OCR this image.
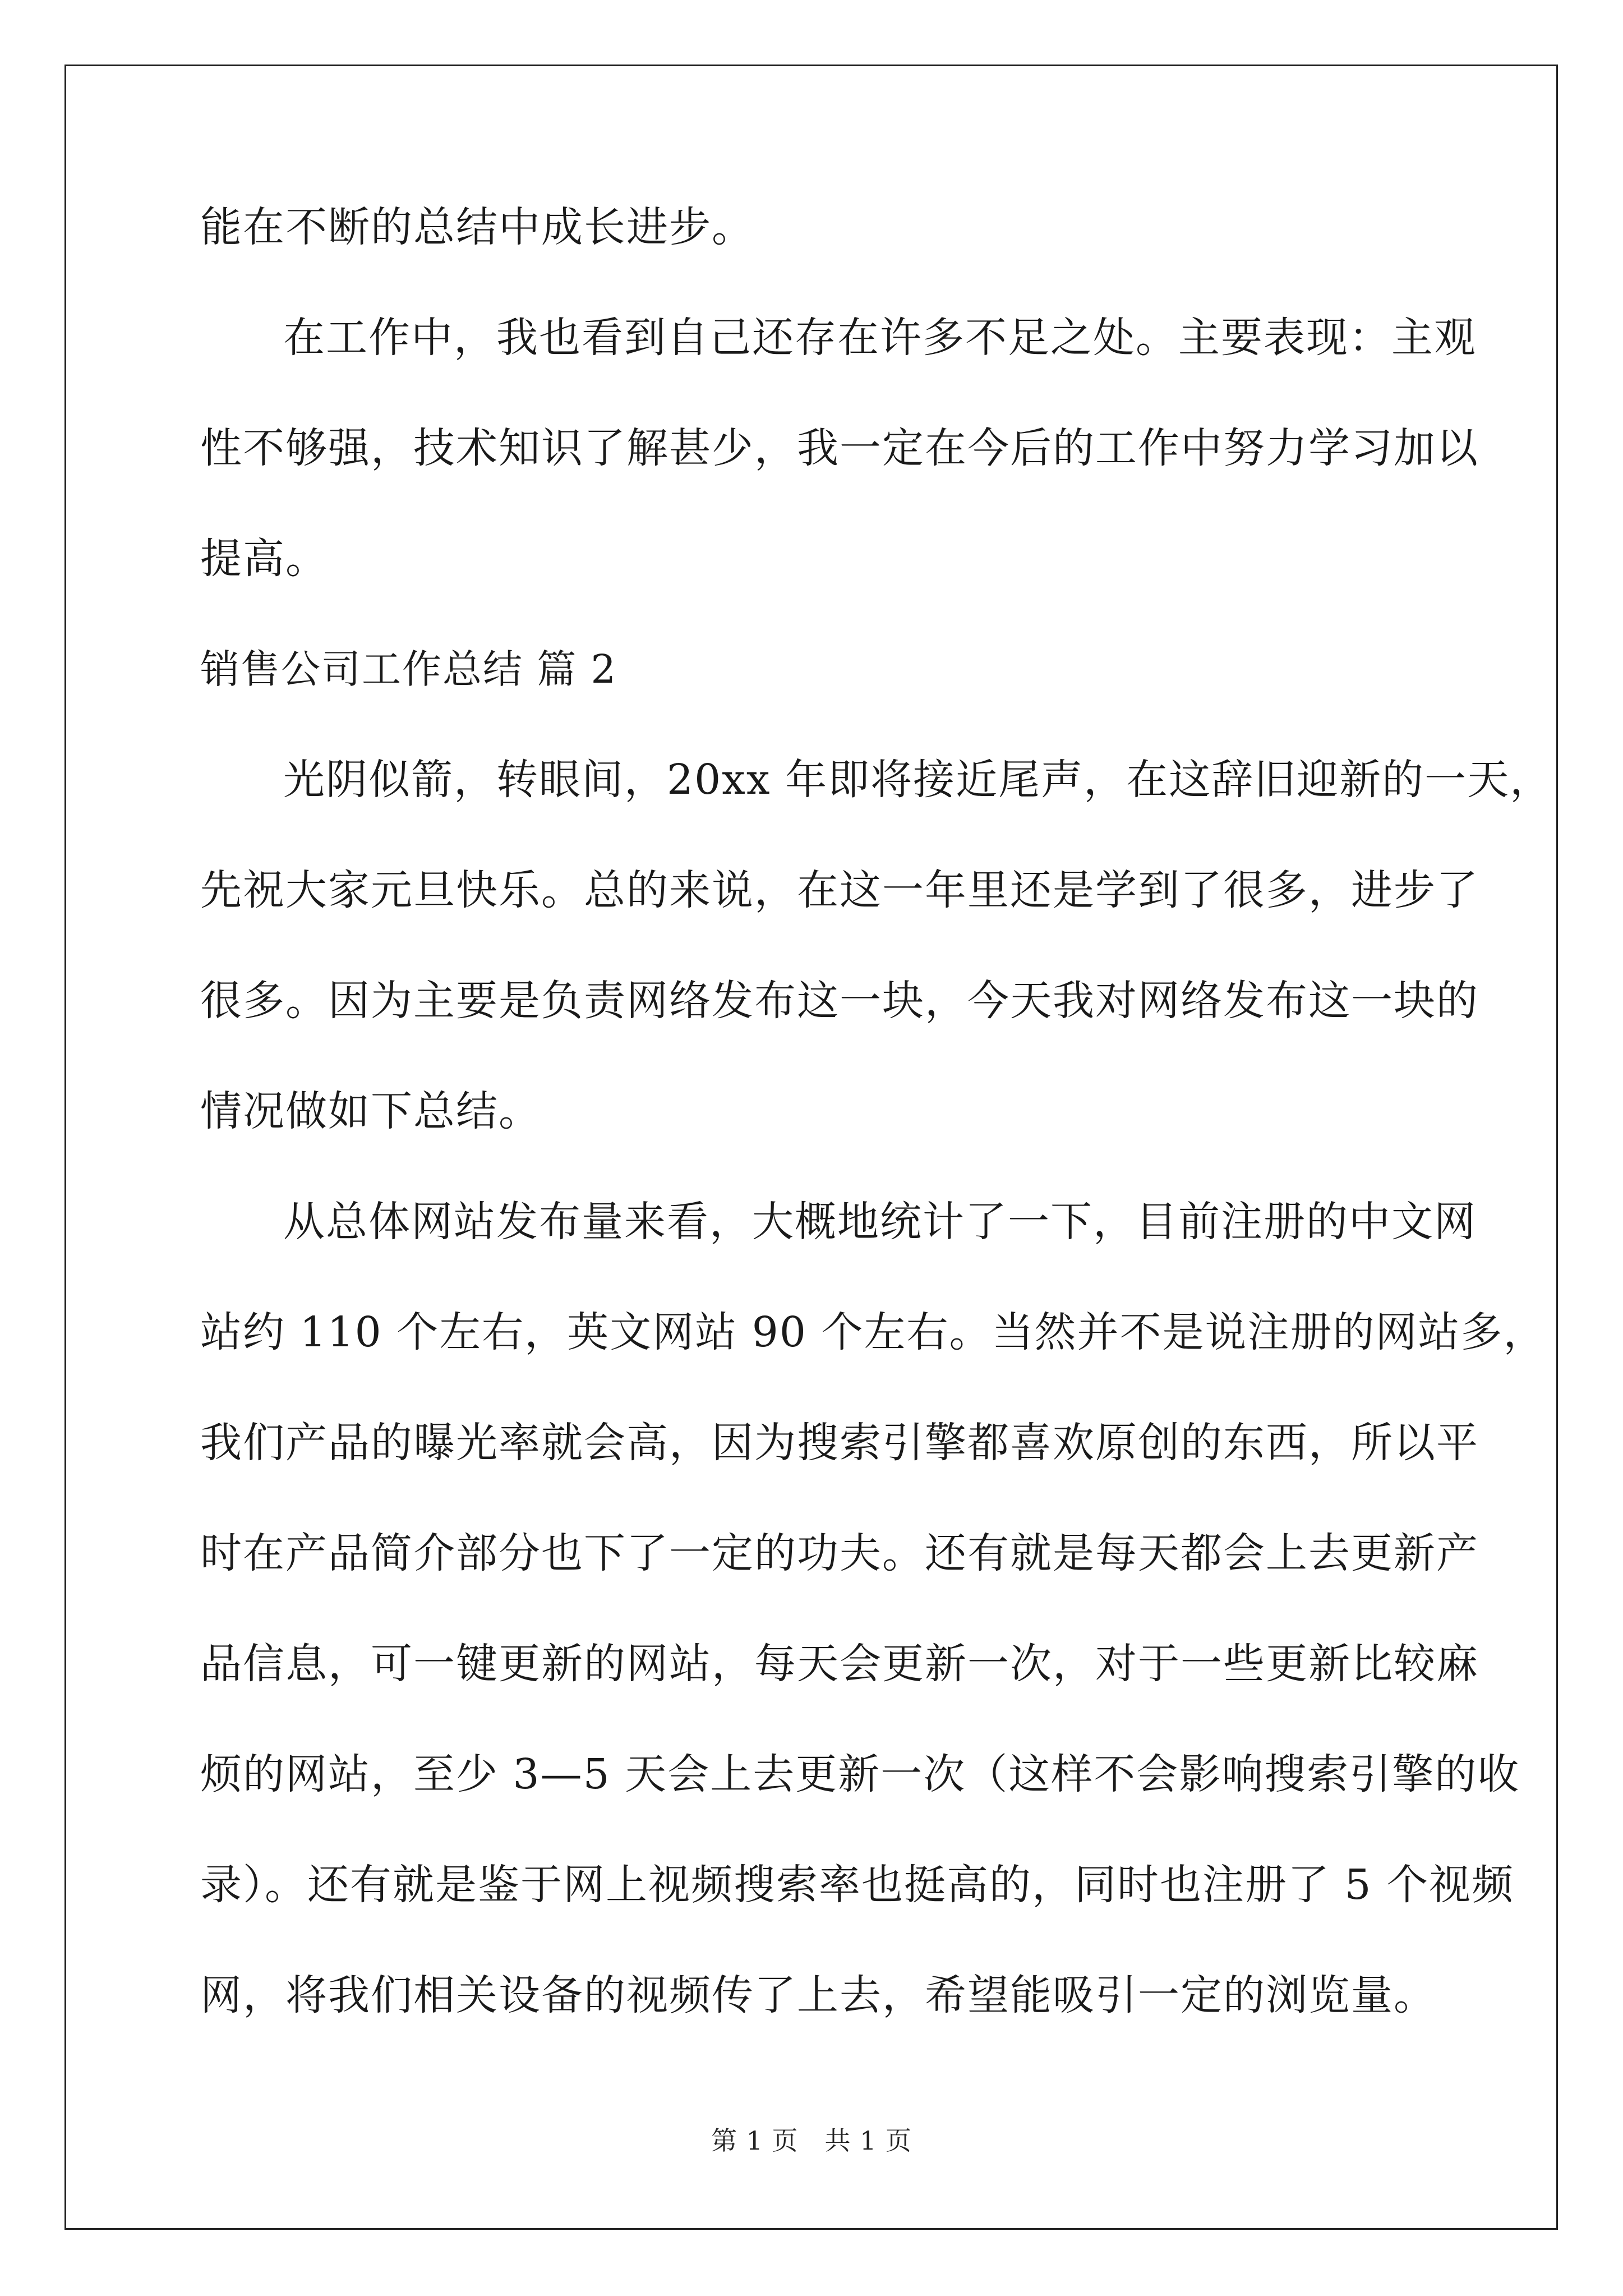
能在不断的总结中成长进步。
在工作中，我也看到自己还存在许多不足之处。主要表现：主观
性不够强，技术知识了解甚少，我一定在今后的工作中努力学习加以
提高。
销售公司工作总结 篇 2
光阴似箭，转眼间，20xx 年即将接近尾声，在这辞旧迎新的一天，
先祝大家元旦快乐。总的来说，在这一年里还是学到了很多，进步了
很多。因为主要是负责网络发布这一块，今天我对网络发布这一块的
情况做如下总结。
从总体网站发布量来看，大概地统计了一下，目前注册的中文网
站约 110 个左右，英文网站 90 个左右。当然并不是说注册的网站多，
我们产品的曝光率就会高，因为搜索引擎都喜欢原创的东西，所以平
时在产品简介部分也下了一定的功夫。还有就是每天都会上去更新产
品信息，可一键更新的网站，每天会更新一次，对于一些更新比较麻
烦的网站，至少 3—5 天会上去更新一次（这样不会影响搜索引擎的收
录）。还有就是鉴于网上视频搜索率也挺高的，同时也注册了 5 个视频
网，将我们相关设备的视频传了上去，希望能吸引一定的浏览量。
第 1 页　共 1 页
